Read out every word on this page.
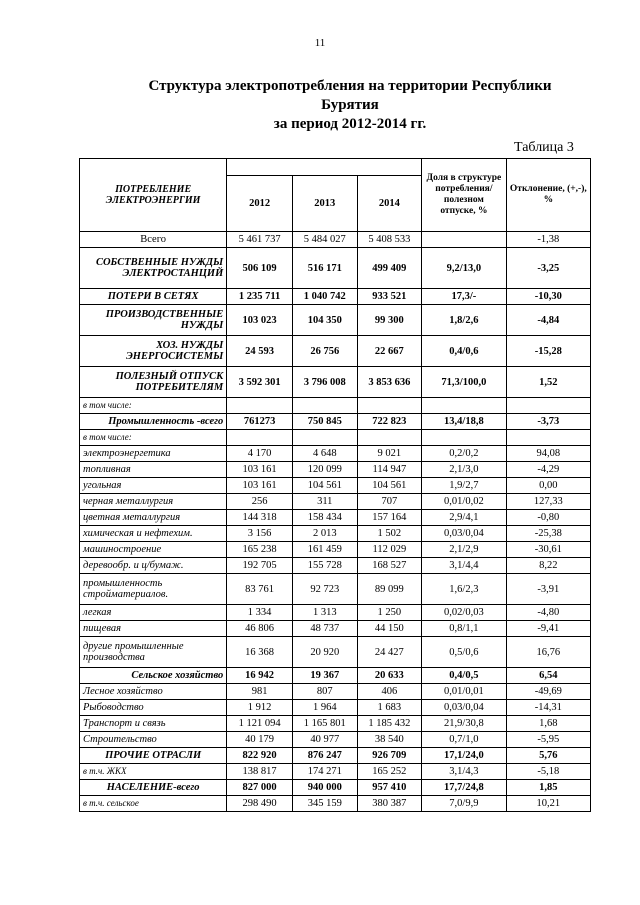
11
Структура электропотребления на территории Республики
Бурятия
за период 2012-2014 гг.
Таблица 3
ПОТРЕБЛЕНИЕ ЭЛЕКТРОЭНЕРГИИ				Доля в структуре потребления/ полезном отпуске, %	Отклонение, (+,-), %
	2012	2013	2014		
Всего	5 461 737	5 484 027	5 408 533		-1,38
СОБСТВЕННЫЕ НУЖДЫ ЭЛЕКТРОСТАНЦИЙ	506 109	516 171	499 409	9,2/13,0	-3,25
ПОТЕРИ В СЕТЯХ	1 235 711	1 040 742	933 521	17,3/-	-10,30
ПРОИЗВОДСТВЕННЫЕ НУЖДЫ	103 023	104 350	99 300	1,8/2,6	-4,84
ХОЗ. НУЖДЫ ЭНЕРГОСИСТЕМЫ	24 593	26 756	22 667	0,4/0,6	-15,28
ПОЛЕЗНЫЙ ОТПУСК ПОТРЕБИТЕЛЯМ	3 592 301	3 796 008	3 853 636	71,3/100,0	1,52
в том числе:					
Промышленность -всего	761273	750 845	722 823	13,4/18,8	-3,73
в том числе:					
электроэнергетика	4 170	4 648	9 021	0,2/0,2	94,08
топливная	103 161	120 099	114 947	2,1/3,0	-4,29
угольная	103 161	104 561	104 561	1,9/2,7	0,00
черная металлургия	256	311	707	0,01/0,02	127,33
цветная металлургия	144 318	158 434	157 164	2,9/4,1	-0,80
химическая и нефтехим.	3 156	2 013	1 502	0,03/0,04	-25,38
машиностроение	165 238	161 459	112 029	2,1/2,9	-30,61
деревообр. и ц/бумаж.	192 705	155 728	168 527	3,1/4,4	8,22
промышленность стройматериалов.	83 761	92 723	89 099	1,6/2,3	-3,91
легкая	1 334	1 313	1 250	0,02/0,03	-4,80
пищевая	46 806	48 737	44 150	0,8/1,1	-9,41
другие промышленные производства	16 368	20 920	24 427	0,5/0,6	16,76
Сельское хозяйство	16 942	19 367	20 633	0,4/0,5	6,54
Лесное хозяйство	981	807	406	0,01/0,01	-49,69
Рыбоводство	1 912	1 964	1 683	0,03/0,04	-14,31
Транспорт и связь	1 121 094	1 165 801	1 185 432	21,9/30,8	1,68
Строительство	40 179	40 977	38 540	0,7/1,0	-5,95
ПРОЧИЕ ОТРАСЛИ	822 920	876 247	926 709	17,1/24,0	5,76
в т.ч. ЖКХ	138 817	174 271	165 252	3,1/4,3	-5,18
НАСЕЛЕНИЕ-всего	827 000	940 000	957 410	17,7/24,8	1,85
в т.ч. сельское	298 490	345 159	380 387	7,0/9,9	10,21
